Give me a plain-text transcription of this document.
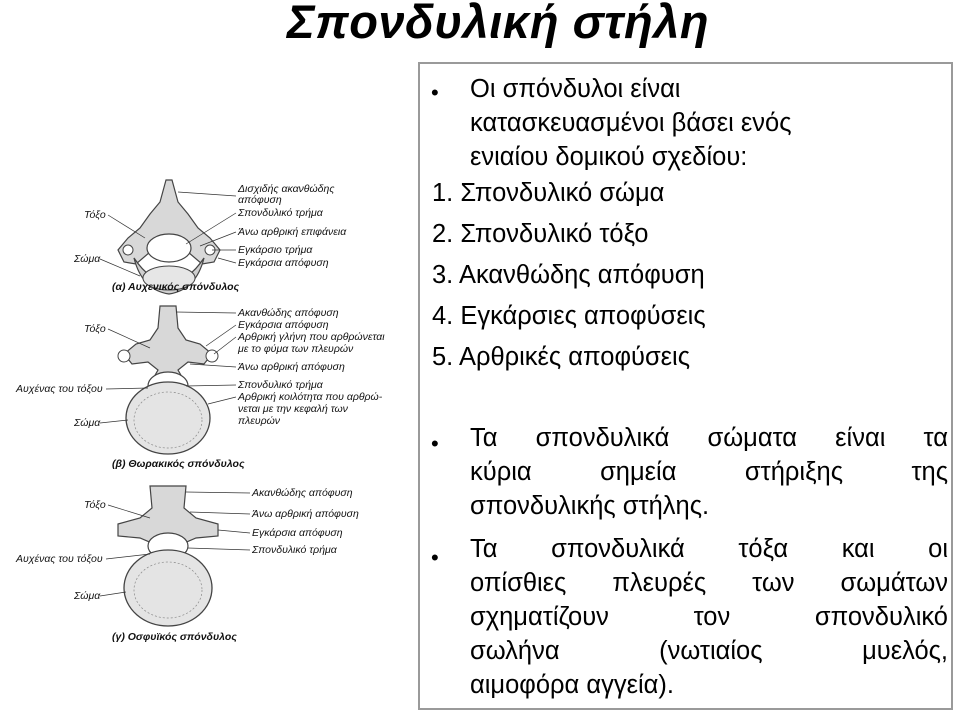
Σπονδυλική στήλη
• Οι σπόνδυλοι είναι κατασκευασμένοι βάσει ενός ενιαίου δομικού σχεδίου:
1. Σπονδυλικό σώμα
2. Σπονδυλικό τόξο
3. Ακανθώδης απόφυση
4. Εγκάρσιες αποφύσεις
5. Αρθρικές αποφύσεις
• Τα σπονδυλικά σώματα είναι τα
κύρια σημεία στήριξης της
σπονδυλικής στήλης.
• Τα σπονδυλικά τόξα και οι
οπίσθιες πλευρές των σωμάτων
σχηματίζουν τον σπονδυλικό
σωλήνα (νωτιαίος μυελός,
αιμοφόρα αγγεία).
Τόξο
Σώμα
Δισχιδής ακανθώδης
απόφυση
Σπονδυλικό τρήμα
Άνω αρθρική επιφάνεια
Εγκάρσιο τρήμα
Εγκάρσια απόφυση
(α) Αυχενικός σπόνδυλος
Τόξο
Αυχένας του τόξου
Σώμα
Ακανθώδης απόφυση
Εγκάρσια απόφυση
Αρθρική γλήνη που αρθρώνεται
με το φύμα των πλευρών
Άνω αρθρική απόφυση
Σπονδυλικό τρήμα
Αρθρική κοιλότητα που αρθρώ-
νεται με την κεφαλή των
πλευρών
(β) Θωρακικός σπόνδυλος
Τόξο
Αυχένας του τόξου
Σώμα
Ακανθώδης απόφυση
Άνω αρθρική απόφυση
Εγκάρσια απόφυση
Σπονδυλικό τρήμα
(γ) Οσφυϊκός σπόνδυλος
